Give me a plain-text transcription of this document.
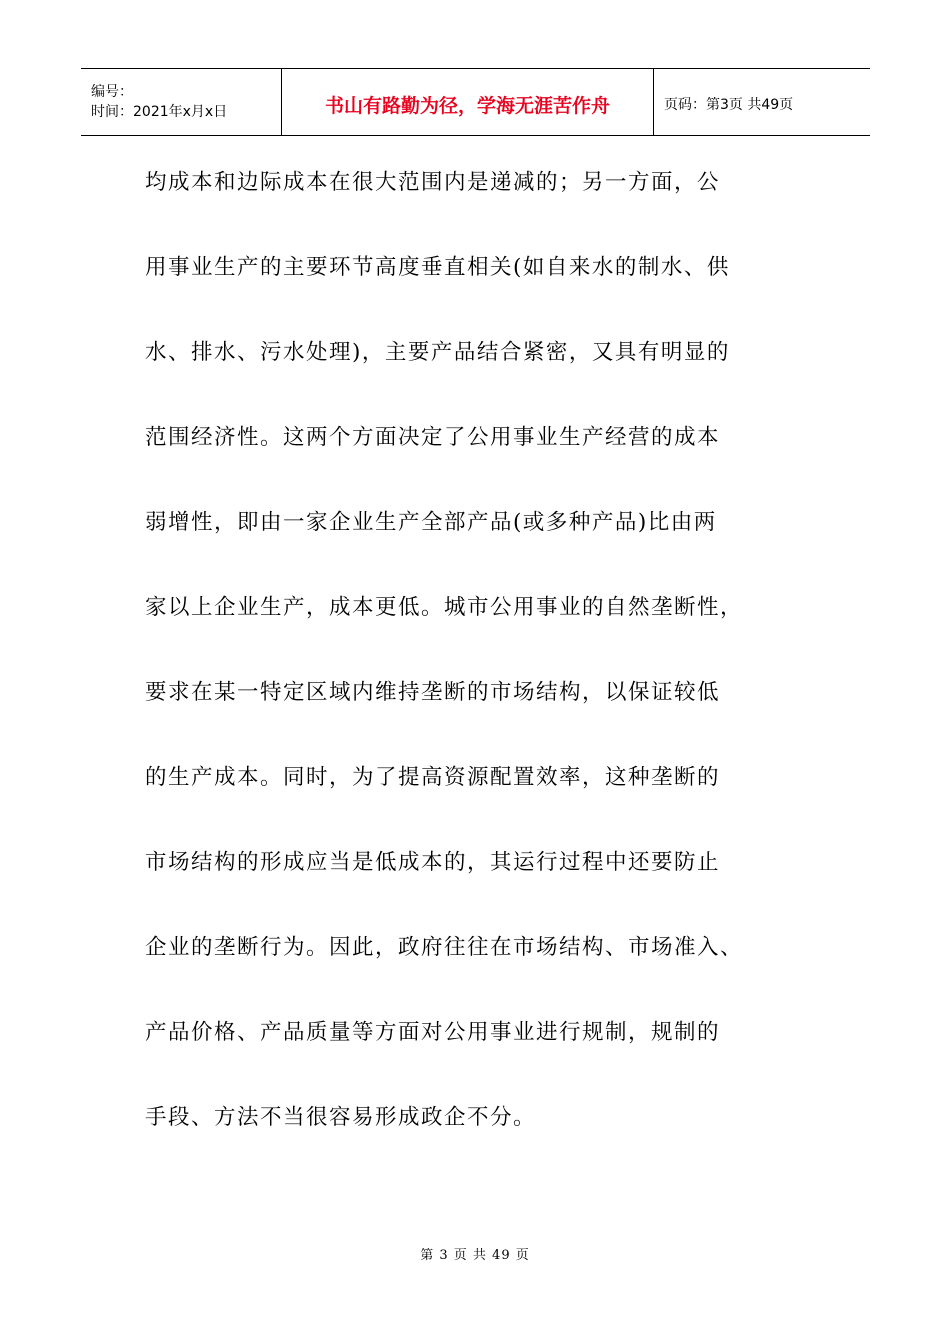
编号：
时间：2021年x月x日	书山有路勤为径，学海无涯苦作舟	页码：第3页 共49页
均成本和边际成本在很大范围内是递减的；另一方面，公
用事业生产的主要环节高度垂直相关(如自来水的制水、供
水、排水、污水处理)，主要产品结合紧密，又具有明显的
范围经济性。这两个方面决定了公用事业生产经营的成本
弱增性，即由一家企业生产全部产品(或多种产品)比由两
家以上企业生产，成本更低。城市公用事业的自然垄断性，
要求在某一特定区域内维持垄断的市场结构，以保证较低
的生产成本。同时，为了提高资源配置效率，这种垄断的
市场结构的形成应当是低成本的，其运行过程中还要防止
企业的垄断行为。因此，政府往往在市场结构、市场准入、
产品价格、产品质量等方面对公用事业进行规制，规制的
手段、方法不当很容易形成政企不分。
第 3 页 共 49 页
